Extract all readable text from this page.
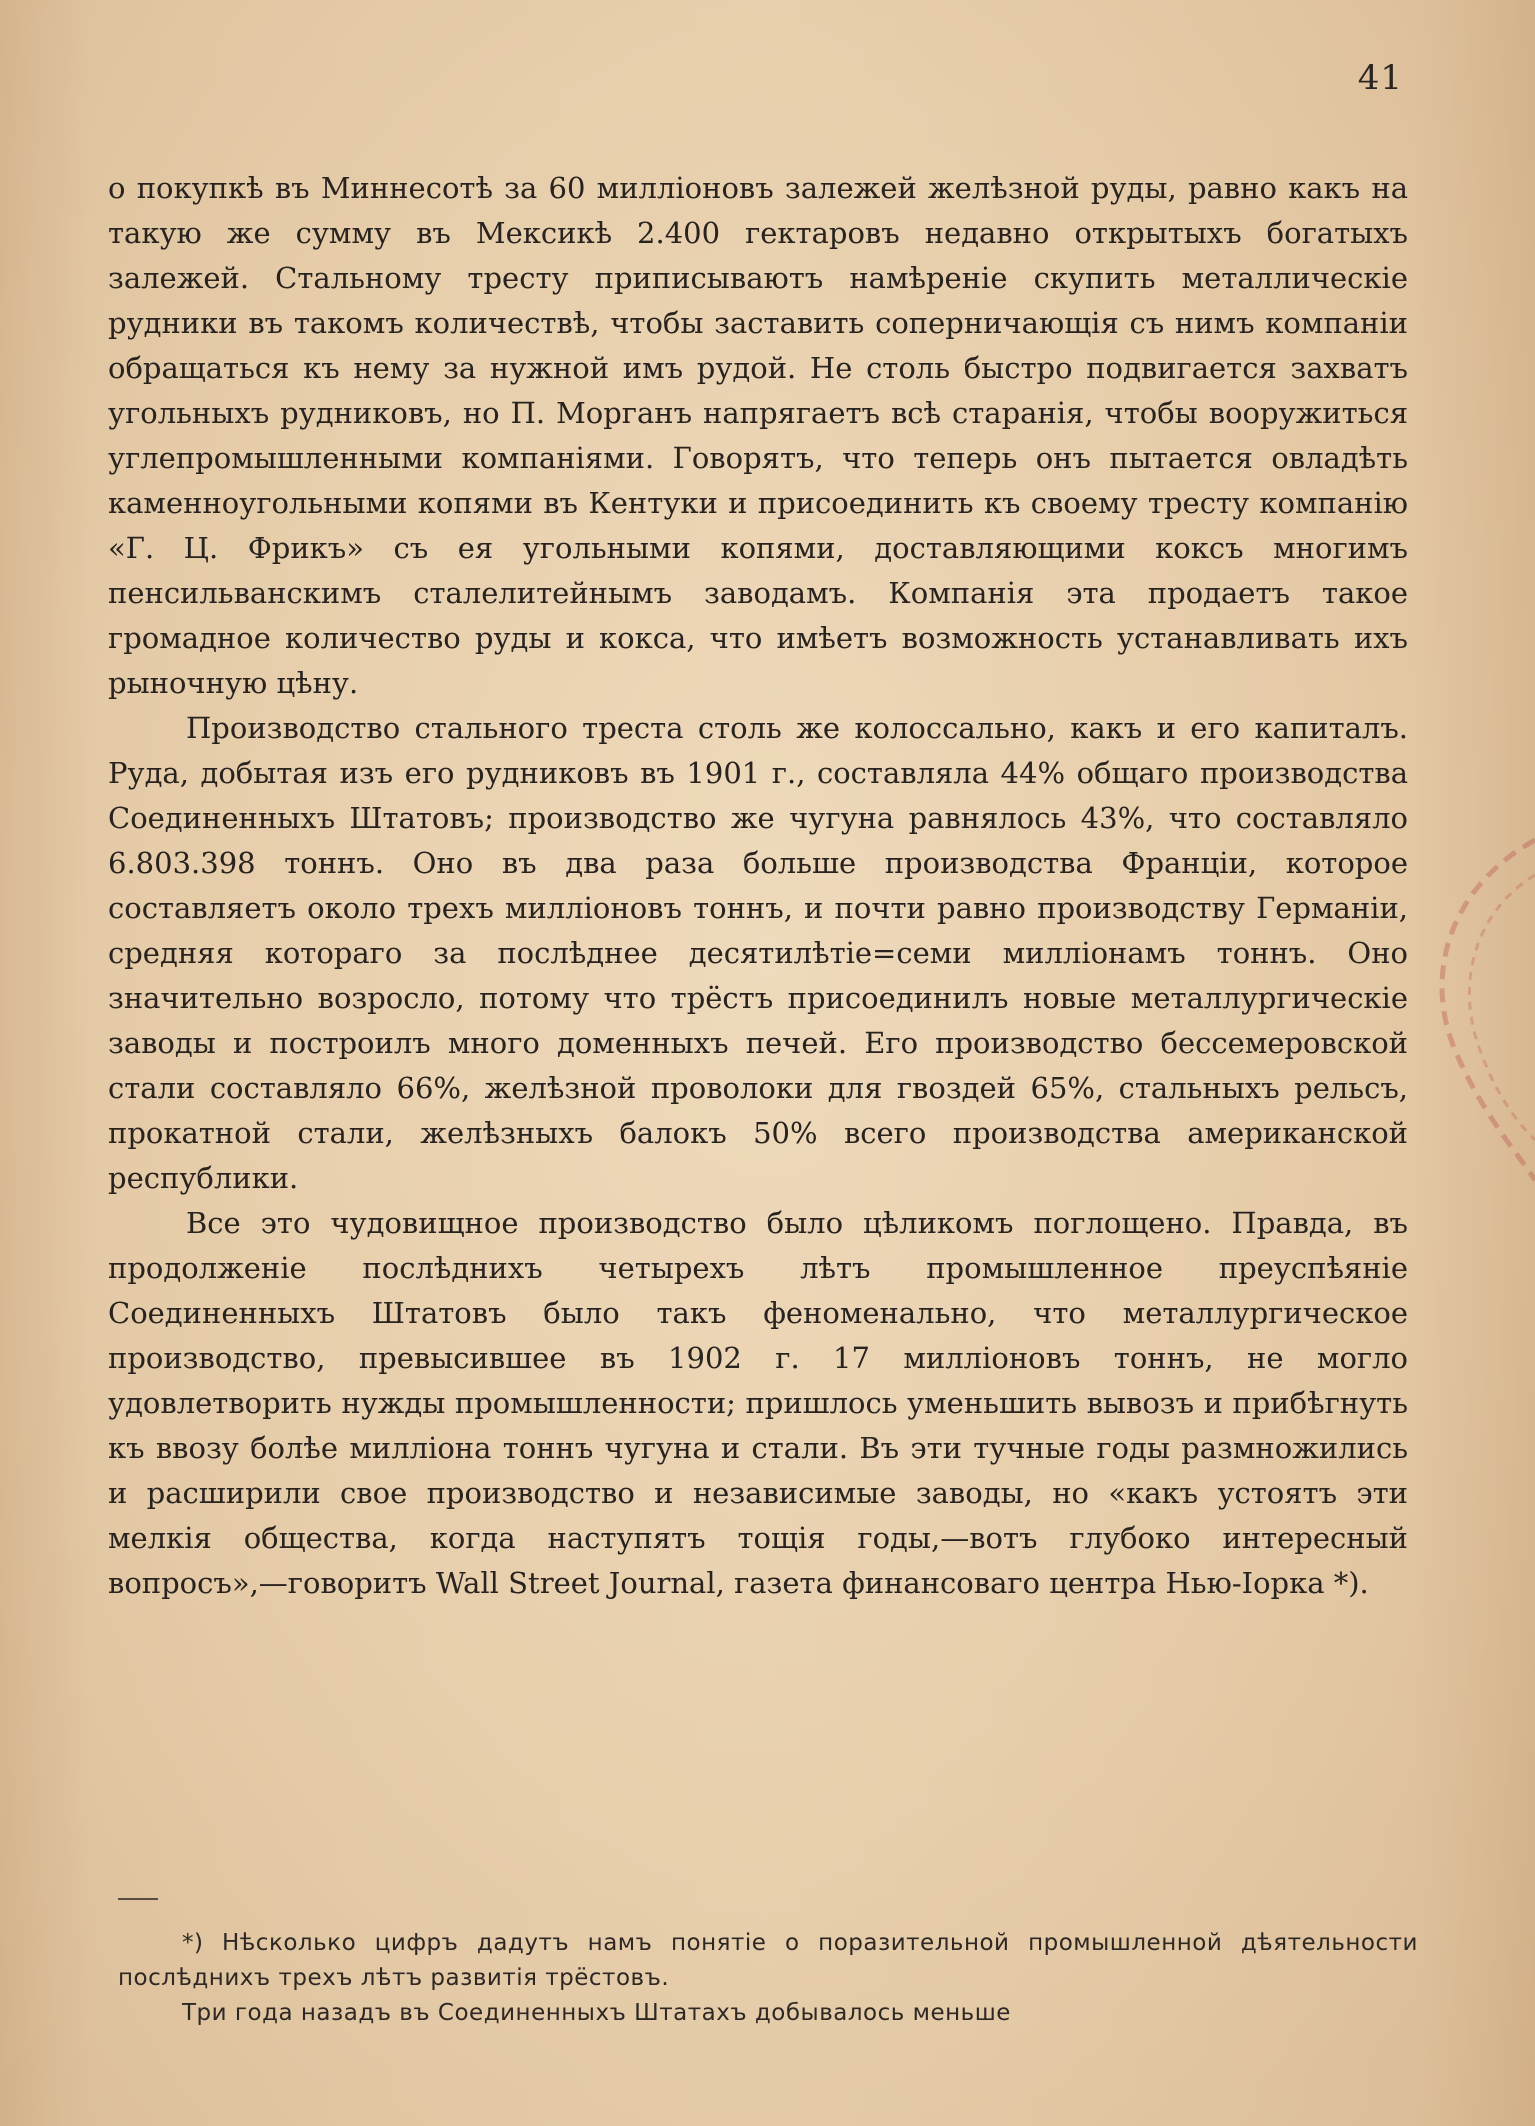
41

о покупкѣ въ Миннесотѣ за 60 милліоновъ залежей желѣзной руды, равно какъ на такую же сумму въ Мексикѣ 2.400 гектаровъ недавно открытыхъ богатыхъ залежей. Стальному тресту приписываютъ намѣреніе скупить металлическіе рудники въ такомъ количествѣ, чтобы заставить соперничающія съ нимъ компаніи обращаться къ нему за нужной имъ рудой. Не столь быстро подвигается захватъ угольныхъ рудниковъ, но П. Морганъ напрягаетъ всѣ старанія, чтобы вооружиться углепромышленными компаніями. Говорятъ, что теперь онъ пытается овладѣть каменноугольными копями въ Кентуки и присоединить къ своему тресту компанію «Г. Ц. Фрикъ» съ ея угольными копями, доставляющими коксъ многимъ пенсильванскимъ сталелитейнымъ заводамъ. Компанія эта продаетъ такое громадное количество руды и кокса, что имѣетъ возможность устанавливать ихъ рыночную цѣну.

Производство стального треста столь же колоссально, какъ и его капиталъ. Руда, добытая изъ его рудниковъ въ 1901 г., составляла 44% общаго производства Соединенныхъ Штатовъ; производство же чугуна равнялось 43%, что составляло 6.803.398 тоннъ. Оно въ два раза больше производства Франціи, которое составляетъ около трехъ милліоновъ тоннъ, и почти равно производству Германіи, средняя котораго за послѣднее десятилѣтіе=семи милліонамъ тоннъ. Оно значительно возросло, потому что трёстъ присоединилъ новые металлургическіе заводы и построилъ много доменныхъ печей. Его производство бессемеровской стали составляло 66%, желѣзной проволоки для гвоздей 65%, стальныхъ рельсъ, прокатной стали, желѣзныхъ балокъ 50% всего производства американской республики.

Все это чудовищное производство было цѣликомъ поглощено. Правда, въ продолженіе послѣднихъ четырехъ лѣтъ промышленное преуспѣяніе Соединенныхъ Штатовъ было такъ феноменально, что металлургическое производство, превысившее въ 1902 г. 17 милліоновъ тоннъ, не могло удовлетворить нужды промышленности; пришлось уменьшить вывозъ и прибѣгнуть къ ввозу болѣе милліона тоннъ чугуна и стали. Въ эти тучные годы размножились и расширили свое производство и независимые заводы, но «какъ устоятъ эти мелкія общества, когда наступятъ тощія годы,—вотъ глубоко интересный вопросъ»,—говоритъ Wall Street Journal, газета финансоваго центра Нью-Іорка *).

*) Нѣсколько цифръ дадутъ намъ понятіе о поразительной промышленной дѣятельности послѣднихъ трехъ лѣтъ развитія трёстовъ.

Три года назадъ въ Соединенныхъ Штатахъ добывалось меньше
